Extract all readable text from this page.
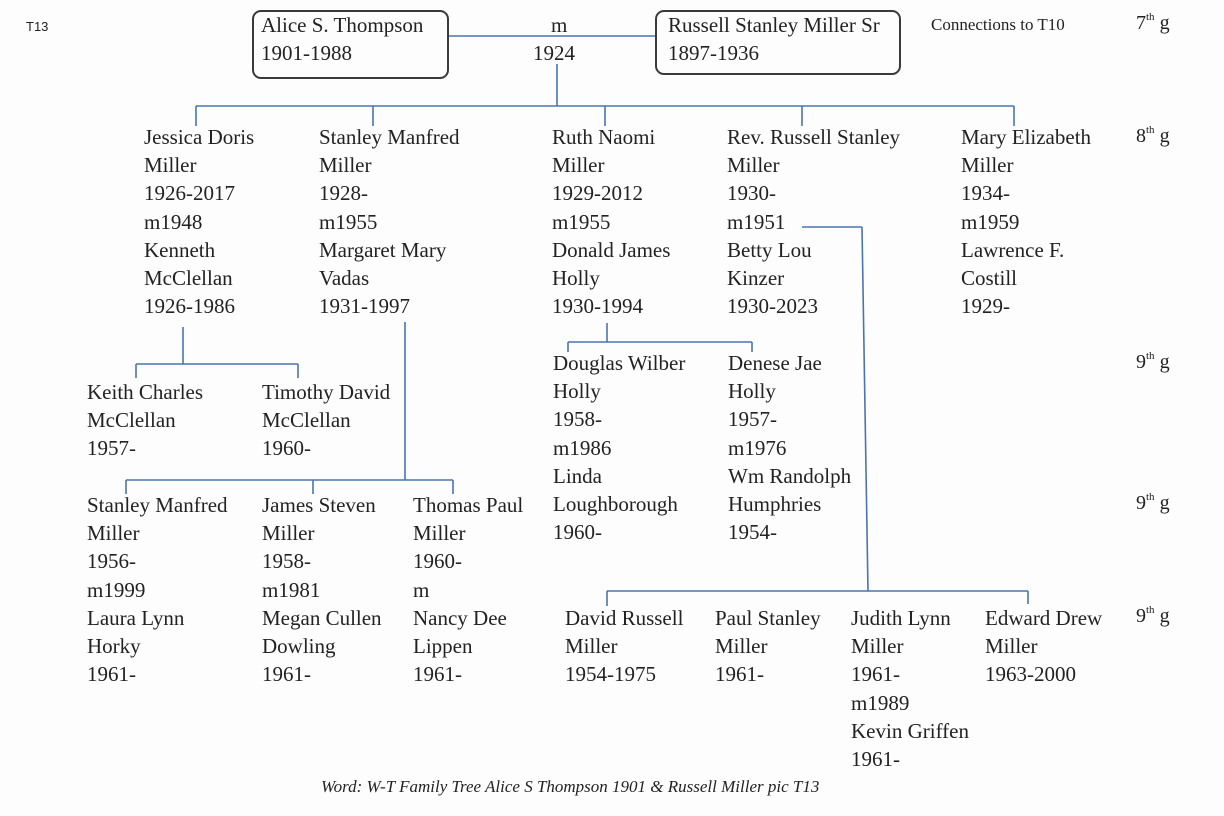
T13	Alice S. Thompson
1901-1988
m
1924
Russell Stanley Miller Sr
1897-1936
Connections to T10	7th g
8th g
9th g
9th g
9th g
Jessica Doris
Miller
1926-2017
m1948
Kenneth
McClellan
1926-1986
Stanley Manfred
Miller
1928-
m1955
Margaret Mary
Vadas
1931-1997
Ruth Naomi
Miller
1929-2012
m1955
Donald James
Holly
1930-1994
Rev. Russell Stanley
Miller
1930-
m1951
Betty Lou
Kinzer
1930-2023
Mary Elizabeth
Miller
1934-
m1959
Lawrence F.
Costill
1929-
Keith Charles
McClellan
1957-
Timothy David
McClellan
1960-
Douglas Wilber
Holly
1958-
m1986
Linda
Loughborough
1960-
Denese Jae
Holly
1957-
m1976
Wm Randolph
Humphries
1954-
Stanley Manfred
Miller
1956-
m1999
Laura Lynn
Horky
1961-
James Steven
Miller
1958-
m1981
Megan Cullen
Dowling
1961-
Thomas Paul
Miller
1960-
m
Nancy Dee
Lippen
1961-
David Russell
Miller
1954-1975
Paul Stanley
Miller
1961-
Judith Lynn
Miller
1961-
m1989
Kevin Griffen
1961-
Edward Drew
Miller
1963-2000
Word: W-T Family Tree Alice S Thompson 1901 & Russell Miller pic T13
